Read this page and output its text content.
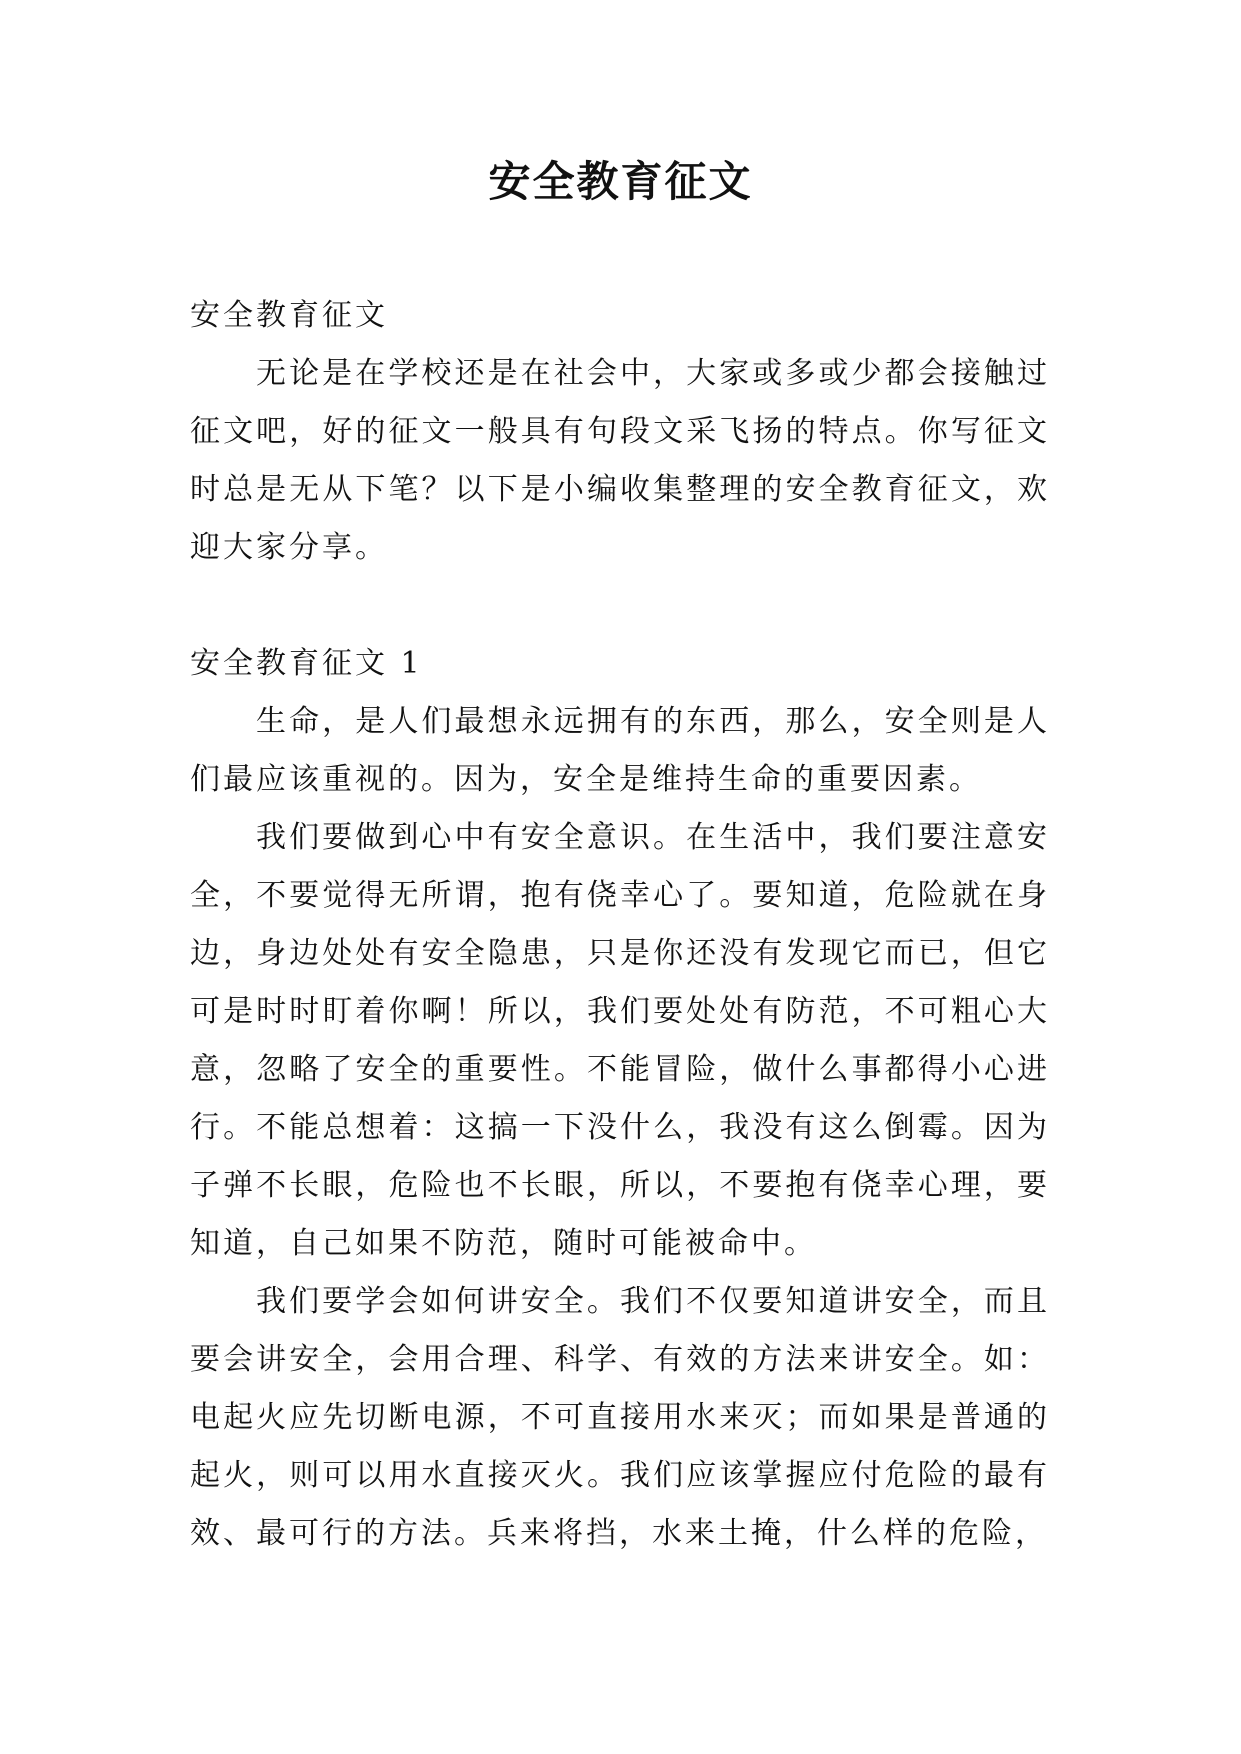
安全教育征文

安全教育征文

无论是在学校还是在社会中，大家或多或少都会接触过征文吧，好的征文一般具有句段文采飞扬的特点。你写征文时总是无从下笔？以下是小编收集整理的安全教育征文，欢迎大家分享。

安全教育征文 1

生命，是人们最想永远拥有的东西，那么，安全则是人们最应该重视的。因为，安全是维持生命的重要因素。

我们要做到心中有安全意识。在生活中，我们要注意安全，不要觉得无所谓，抱有侥幸心了。要知道，危险就在身边，身边处处有安全隐患，只是你还没有发现它而已，但它可是时时盯着你啊！所以，我们要处处有防范，不可粗心大意，忽略了安全的重要性。不能冒险，做什么事都得小心进行。不能总想着：这搞一下没什么，我没有这么倒霉。因为子弹不长眼，危险也不长眼，所以，不要抱有侥幸心理，要知道，自己如果不防范，随时可能被命中。

我们要学会如何讲安全。我们不仅要知道讲安全，而且要会讲安全，会用合理、科学、有效的方法来讲安全。如：电起火应先切断电源，不可直接用水来灭；而如果是普通的起火，则可以用水直接灭火。我们应该掌握应付危险的最有效、最可行的方法。兵来将挡，水来土掩，什么样的危险，
